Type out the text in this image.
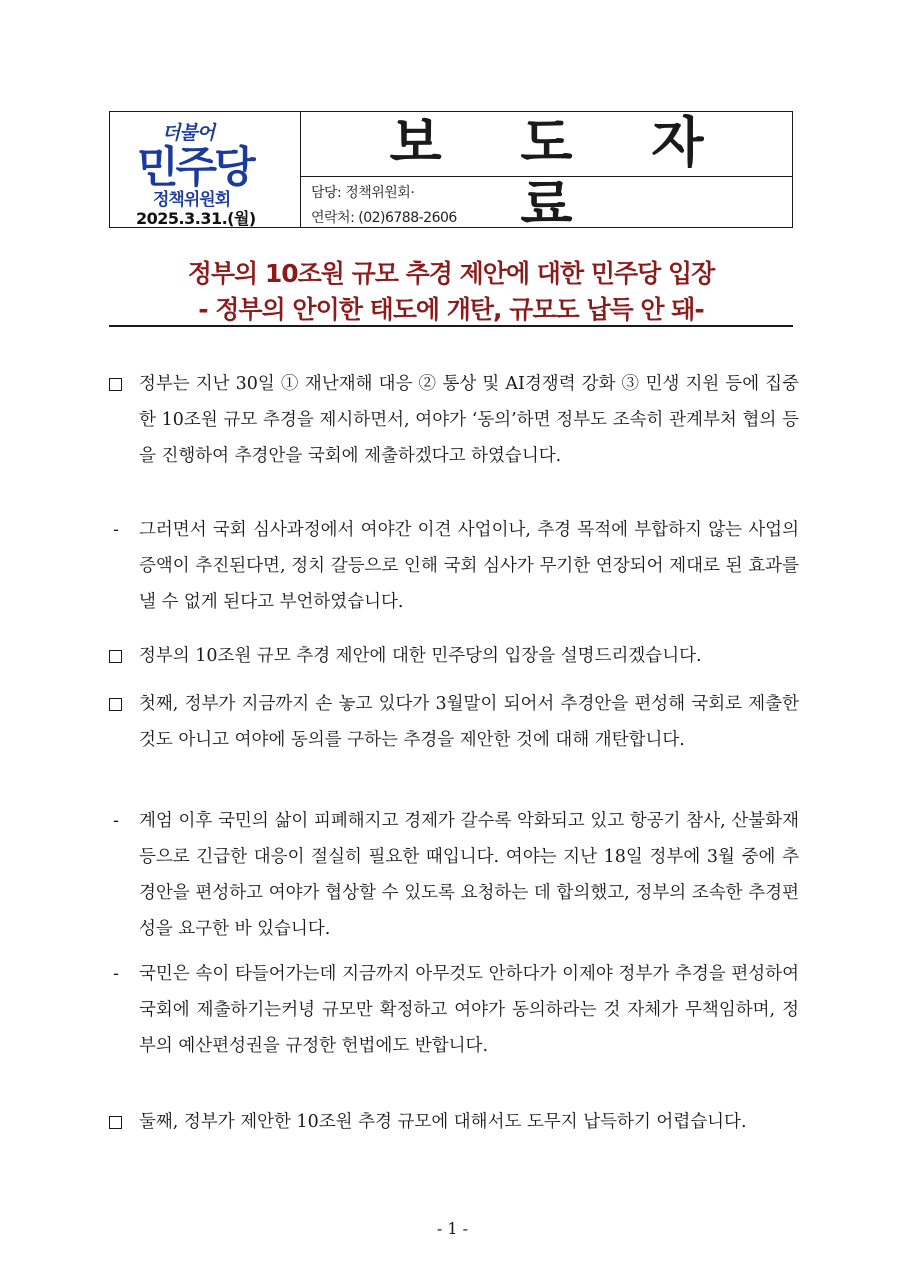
더불어
민주당
정책위원회
2025.3.31.(월)
보 도 자 료
담당: 정책위원회·
연락처: (02)6788-2606
정부의 10조원 규모 추경 제안에 대한 민주당 입장
- 정부의 안이한 태도에 개탄, 규모도 납득 안 돼-
정부는 지난 30일 ① 재난재해 대응 ② 통상 및 AI경쟁력 강화 ③ 민생 지원 등에 집중한 10조원 규모 추경을 제시하면서, 여야가 ‘동의’하면 정부도 조속히 관계부처 협의 등을 진행하여 추경안을 국회에 제출하겠다고 하였습니다.
-	그러면서 국회 심사과정에서 여야간 이견 사업이나, 추경 목적에 부합하지 않는 사업의 증액이 추진된다면, 정치 갈등으로 인해 국회 심사가 무기한 연장되어 제대로 된 효과를 낼 수 없게 된다고 부언하였습니다.
정부의 10조원 규모 추경 제안에 대한 민주당의 입장을 설명드리겠습니다.
첫째, 정부가 지금까지 손 놓고 있다가 3월말이 되어서 추경안을 편성해 국회로 제출한 것도 아니고 여야에 동의를 구하는 추경을 제안한 것에 대해 개탄합니다.
-	계엄 이후 국민의 삶이 피폐해지고 경제가 갈수록 악화되고 있고 항공기 참사, 산불화재 등으로 긴급한 대응이 절실히 필요한 때입니다. 여야는 지난 18일 정부에 3월 중에 추경안을 편성하고 여야가 협상할 수 있도록 요청하는 데 합의했고, 정부의 조속한 추경편성을 요구한 바 있습니다.
-	국민은 속이 타들어가는데 지금까지 아무것도 안하다가 이제야 정부가 추경을 편성하여 국회에 제출하기는커녕 규모만 확정하고 여야가 동의하라는 것 자체가 무책임하며, 정부의 예산편성권을 규정한 헌법에도 반합니다.
둘째, 정부가 제안한 10조원 추경 규모에 대해서도 도무지 납득하기 어렵습니다.
- 1 -
